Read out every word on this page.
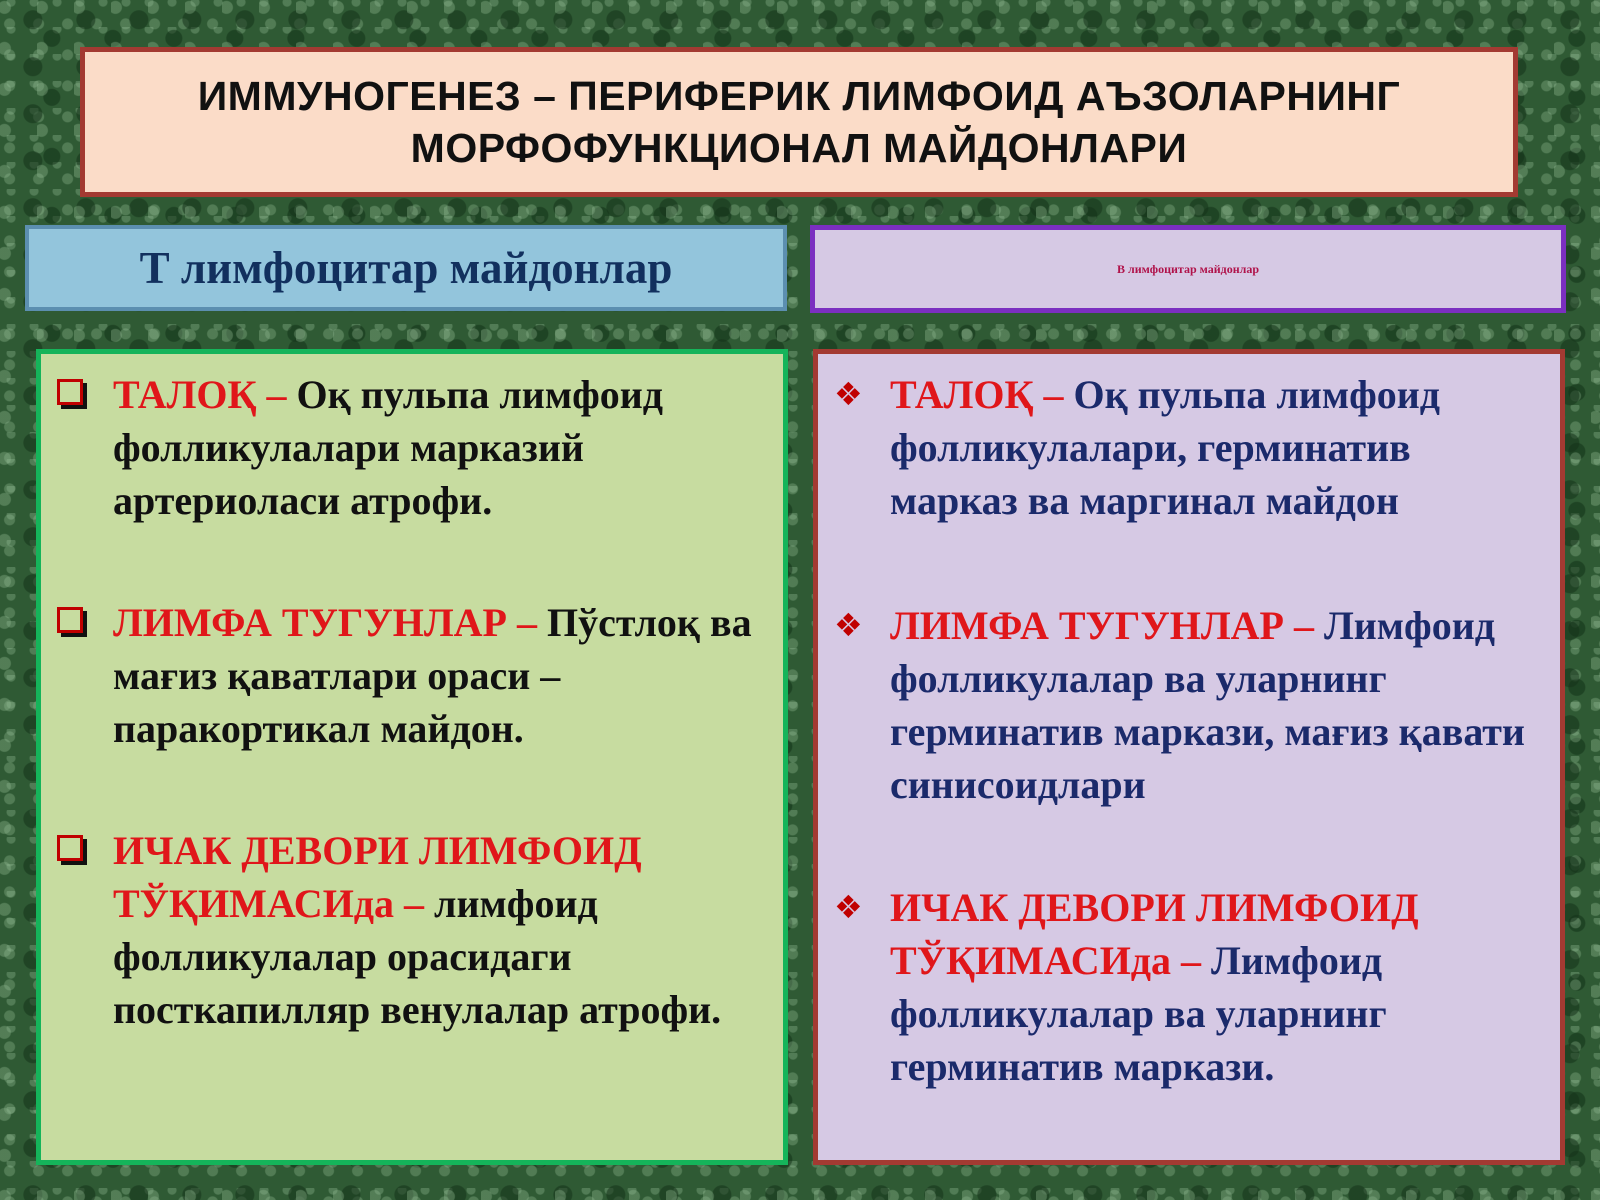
ИММУНОГЕНЕЗ – ПЕРИФЕРИК ЛИМФОИД АЪЗОЛАРНИНГ
МОРФОФУНКЦИОНАЛ МАЙДОНЛАРИ
Т лимфоцитар майдонлар	В лимфоцитар майдонлар
ТАЛОҚ – Оқ пульпа лимфоид фолликулалари марказий артериоласи атрофи.
ЛИМФА ТУГУНЛАР – Пўстлоқ ва мағиз қаватлари ораси – паракортикал майдон.
ИЧАК ДЕВОРИ ЛИМФОИД ТЎҚИМАСИда – лимфоид фолликулалар орасидаги посткапилляр венулалар атрофи.
❖ ТАЛОҚ – Оқ пульпа лимфоид фолликулалари, герминатив марказ ва маргинал майдон
❖ ЛИМФА ТУГУНЛАР – Лимфоид фолликулалар ва уларнинг герминатив маркази, мағиз қавати синисоидлари
❖ ИЧАК ДЕВОРИ ЛИМФОИД ТЎҚИМАСИда – Лимфоид фолликулалар ва уларнинг герминатив маркази.
